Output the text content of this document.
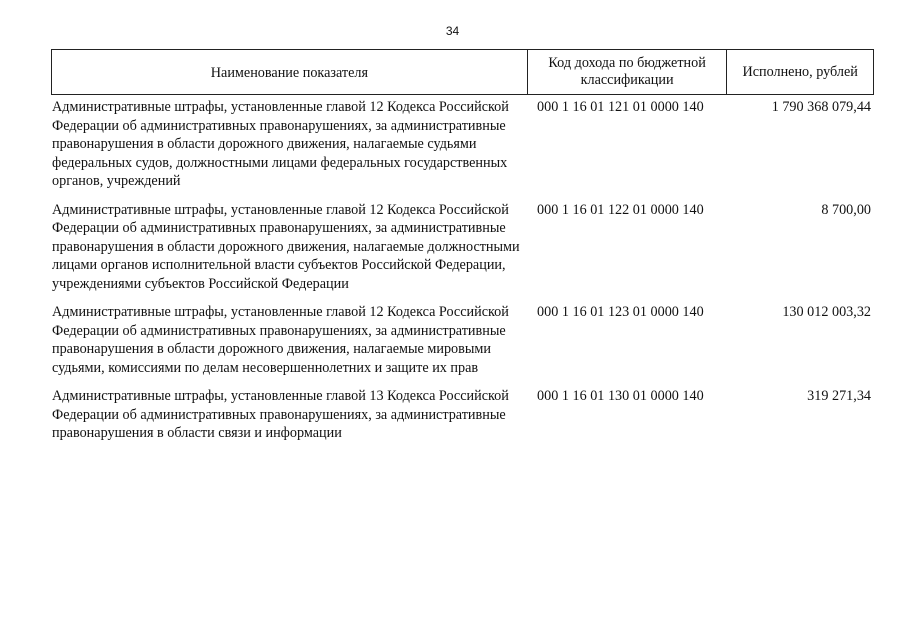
34
Наименование показателя
Код дохода по бюджетной классификации
Исполнено, рублей
Административные штрафы, установленные главой 12 Кодекса Российской Федерации об административных правонарушениях, за административные правонарушения в области дорожного движения, налагаемые судьями федеральных судов, должностными лицами федеральных государственных органов, учреждений
000 1 16 01 121 01 0000 140	1 790 368 079,44
Административные штрафы, установленные главой 12 Кодекса Российской Федерации об административных правонарушениях, за административные правонарушения в области дорожного движения, налагаемые должностными лицами органов исполнительной власти субъектов Российской Федерации, учреждениями субъектов Российской Федерации
000 1 16 01 122 01 0000 140	8 700,00
Административные штрафы, установленные главой 12 Кодекса Российской Федерации об административных правонарушениях, за административные правонарушения в области дорожного движения, налагаемые мировыми судьями, комиссиями по делам несовершеннолетних и защите их прав
000 1 16 01 123 01 0000 140	130 012 003,32
Административные штрафы, установленные главой 13 Кодекса Российской Федерации об административных правонарушениях, за административные правонарушения в области связи и информации
000 1 16 01 130 01 0000 140	319 271,34
